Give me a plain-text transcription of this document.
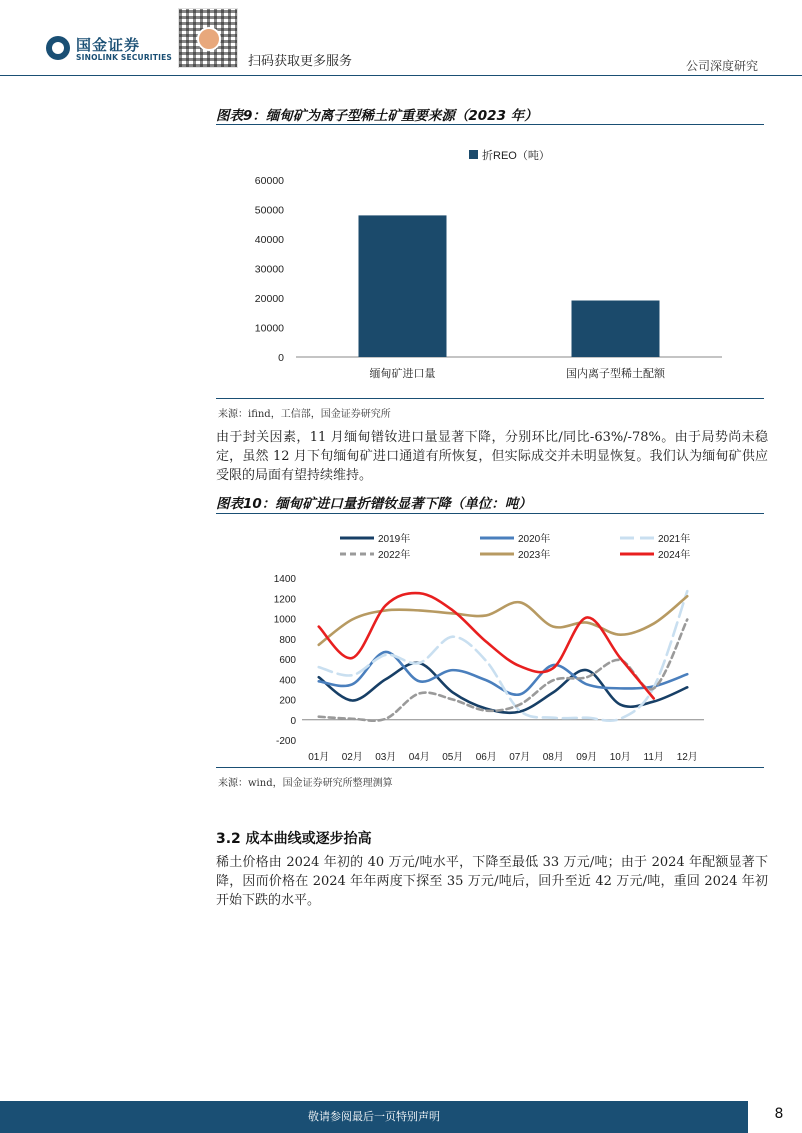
国金证券
SINOLINK SECURITIES	扫码获取更多服务	公司深度研究
图表9：缅甸矿为离子型稀土矿重要来源（2023 年）
折REO（吨）
0
10000
20000
30000
40000
50000
60000
缅甸矿进口量	国内离子型稀土配额
来源：ifind，工信部，国金证券研究所

由于封关因素，11 月缅甸镨钕进口量显著下降，分别环比/同比-63%/-78%。由于局势尚未稳定，虽然 12 月下旬缅甸矿进口通道有所恢复，但实际成交并未明显恢复。我们认为缅甸矿供应受限的局面有望持续维持。

图表10：缅甸矿进口量折镨钕显著下降（单位：吨）
2019年	2020年	2021年
2022年	2023年	2024年
-200
0
200
400
600
800
1000
1200
1400
01月 02月 03月 04月 05月 06月 07月 08月 09月 10月 11月 12月
来源：wind，国金证券研究所整理测算
3.2 成本曲线或逐步抬高

稀土价格由 2024 年初的 40 万元/吨水平，下降至最低 33 万元/吨；由于 2024 年配额显著下降，因而价格在 2024 年年两度下探至 35 万元/吨后，回升至近 42 万元/吨，重回 2024 年初开始下跌的水平。

敬请参阅最后一页特别声明	8
